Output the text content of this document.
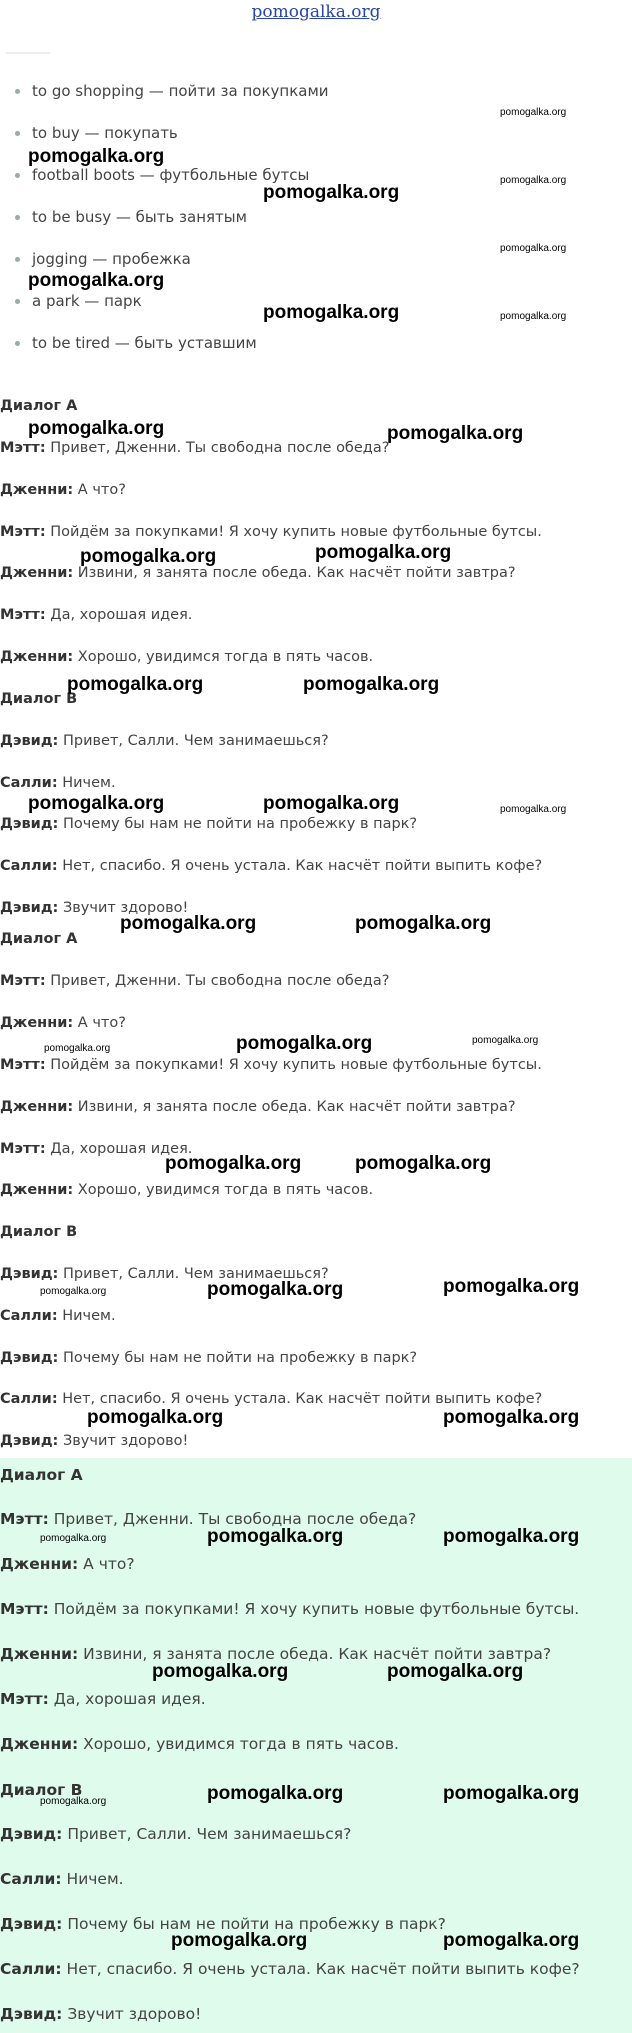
pomogalka.org
to go shopping — пойти за покупками
to buy — покупать
football boots — футбольные бутсы
to be busy — быть занятым
jogging — пробежка
a park — парк
to be tired — быть уставшим
Диалог А
Мэтт: Привет, Дженни. Ты свободна после обеда?
Дженни: А что?
Мэтт: Пойдём за покупками! Я хочу купить новые футбольные бутсы.
Дженни: Извини, я занята после обеда. Как насчёт пойти завтра?
Мэтт: Да, хорошая идея.
Дженни: Хорошо, увидимся тогда в пять часов.
Диалог В
Дэвид: Привет, Салли. Чем занимаешься?
Салли: Ничем.
Дэвид: Почему бы нам не пойти на пробежку в парк?
Салли: Нет, спасибо. Я очень устала. Как насчёт пойти выпить кофе?
Дэвид: Звучит здорово!
Диалог А
Мэтт: Привет, Дженни. Ты свободна после обеда?
Дженни: А что?
Мэтт: Пойдём за покупками! Я хочу купить новые футбольные бутсы.
Дженни: Извини, я занята после обеда. Как насчёт пойти завтра?
Мэтт: Да, хорошая идея.
Дженни: Хорошо, увидимся тогда в пять часов.
Диалог В
Дэвид: Привет, Салли. Чем занимаешься?
Салли: Ничем.
Дэвид: Почему бы нам не пойти на пробежку в парк?
Салли: Нет, спасибо. Я очень устала. Как насчёт пойти выпить кофе?
Дэвид: Звучит здорово!
Диалог А
Мэтт: Привет, Дженни. Ты свободна после обеда?
Дженни: А что?
Мэтт: Пойдём за покупками! Я хочу купить новые футбольные бутсы.
Дженни: Извини, я занята после обеда. Как насчёт пойти завтра?
Мэтт: Да, хорошая идея.
Дженни: Хорошо, увидимся тогда в пять часов.
Диалог В
Дэвид: Привет, Салли. Чем занимаешься?
Салли: Ничем.
Дэвид: Почему бы нам не пойти на пробежку в парк?
Салли: Нет, спасибо. Я очень устала. Как насчёт пойти выпить кофе?
Дэвид: Звучит здорово!
pomogalka.org
pomogalka.org
pomogalka.org
pomogalka.org
pomogalka.org
pomogalka.org
pomogalka.org	pomogalka.org
pomogalka.org	pomogalka.org
pomogalka.org	pomogalka.org
pomogalka.org	pomogalka.org
pomogalka.org	pomogalka.org	pomogalka.org
pomogalka.org	pomogalka.org
pomogalka.org	pomogalka.org	pomogalka.org
pomogalka.org	pomogalka.org
pomogalka.org	pomogalka.org	pomogalka.org
pomogalka.org	pomogalka.org
pomogalka.org	pomogalka.org	pomogalka.org
pomogalka.org	pomogalka.org
pomogalka.org	pomogalka.org	pomogalka.org
pomogalka.org	pomogalka.org
